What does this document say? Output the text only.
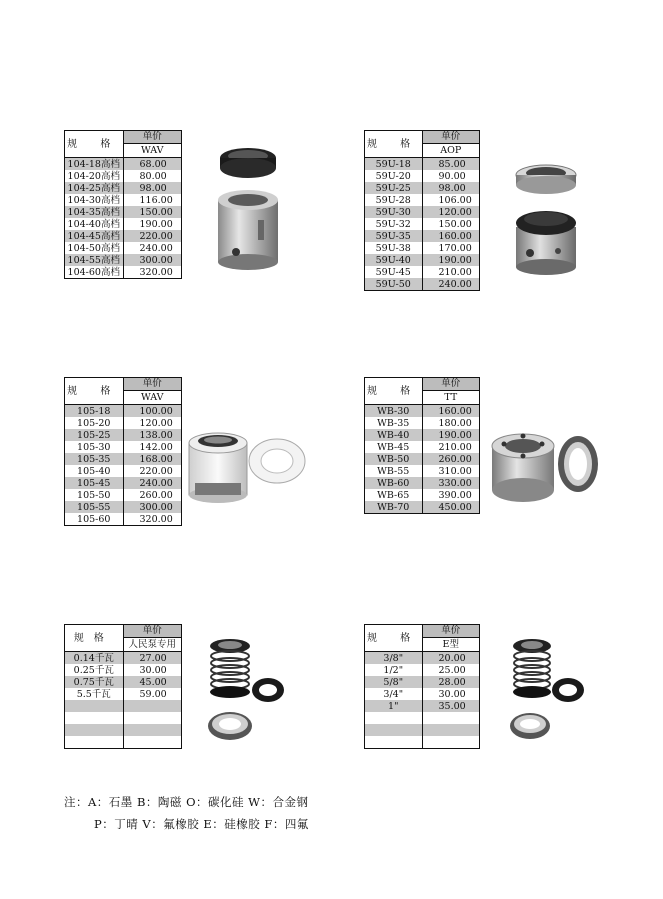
规 格	单价
WAV

104-18高档	68.00
104-20高档	80.00
104-25高档	98.00
104-30高档	116.00
104-35高档	150.00
104-40高档	190.00
104-45高档	220.00
104-50高档	240.00
104-55高档	300.00
104-60高档	320.00
规 格	单价
AOP

59U-18	85.00
59U-20	90.00
59U-25	98.00
59U-28	106.00
59U-30	120.00
59U-32	150.00
59U-35	160.00
59U-38	170.00
59U-40	190.00
59U-45	210.00
59U-50	240.00
规 格	单价
WAV

105-18	100.00
105-20	120.00
105-25	138.00
105-30	142.00
105-35	168.00
105-40	220.00
105-45	240.00
105-50	260.00
105-55	300.00
105-60	320.00
规 格	单价
TT

WB-30	160.00
WB-35	180.00
WB-40	190.00
WB-45	210.00
WB-50	260.00
WB-55	310.00
WB-60	330.00
WB-65	390.00
WB-70	450.00
规格	单价
人民泵专用

0.14千瓦	27.00
0.25千瓦	30.00
0.75千瓦	45.00
5.5千瓦	59.00

规 格	单价
E型

3/8"	20.00
1/2"	25.00
5/8"	28.00
3/4"	30.00
1"	35.00

注：A：石墨 B：陶磁 O：碳化硅 W：合金钢
P：丁晴 V：氟橡胶 E：硅橡胶 F：四氟
